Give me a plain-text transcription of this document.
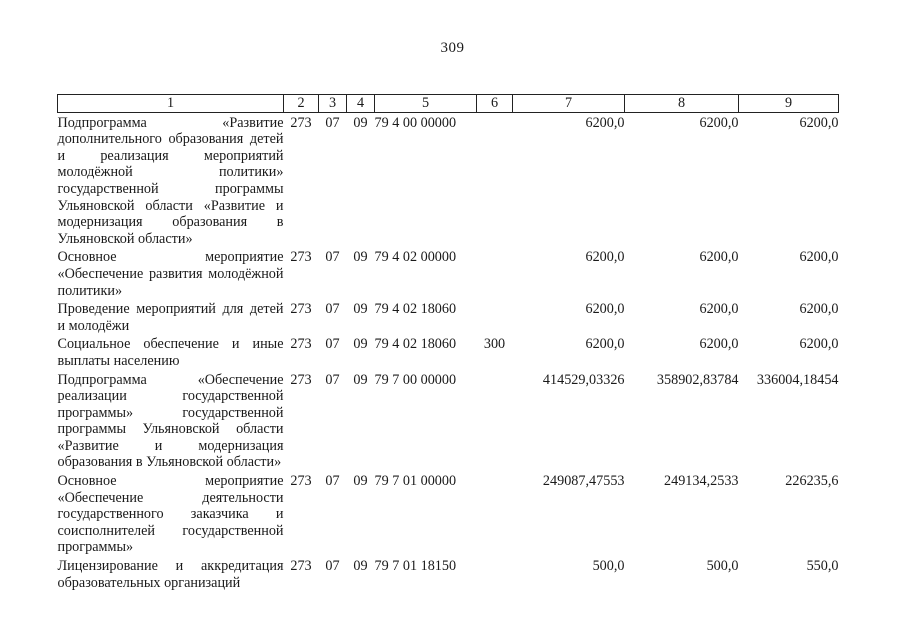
309
1	2	3	4	5	6	7	8	9
Подпрограмма «Развитие дополнительного образования детей и реализация мероприятий молодёжной политики» государственной программы Ульяновской области «Развитие и модернизация образования в Ульяновской области»	273	07	09	79 4 00 00000		6200,0	6200,0	6200,0
Основное мероприятие «Обеспечение развития молодёжной политики»	273	07	09	79 4 02 00000		6200,0	6200,0	6200,0
Проведение мероприятий для детей и молодёжи	273	07	09	79 4 02 18060		6200,0	6200,0	6200,0
Социальное обеспечение и иные выплаты населению	273	07	09	79 4 02 18060	300	6200,0	6200,0	6200,0
Подпрограмма «Обеспечение реализации государственной программы» государственной программы Ульяновской области «Развитие и модернизация образования в Ульяновской области»	273	07	09	79 7 00 00000		414529,03326	358902,83784	336004,18454
Основное мероприятие «Обеспечение деятельности государственного заказчика и соисполнителей государственной программы»	273	07	09	79 7 01 00000		249087,47553	249134,2533	226235,6
Лицензирование и аккредитация образовательных организаций	273	07	09	79 7 01 18150		500,0	500,0	550,0
